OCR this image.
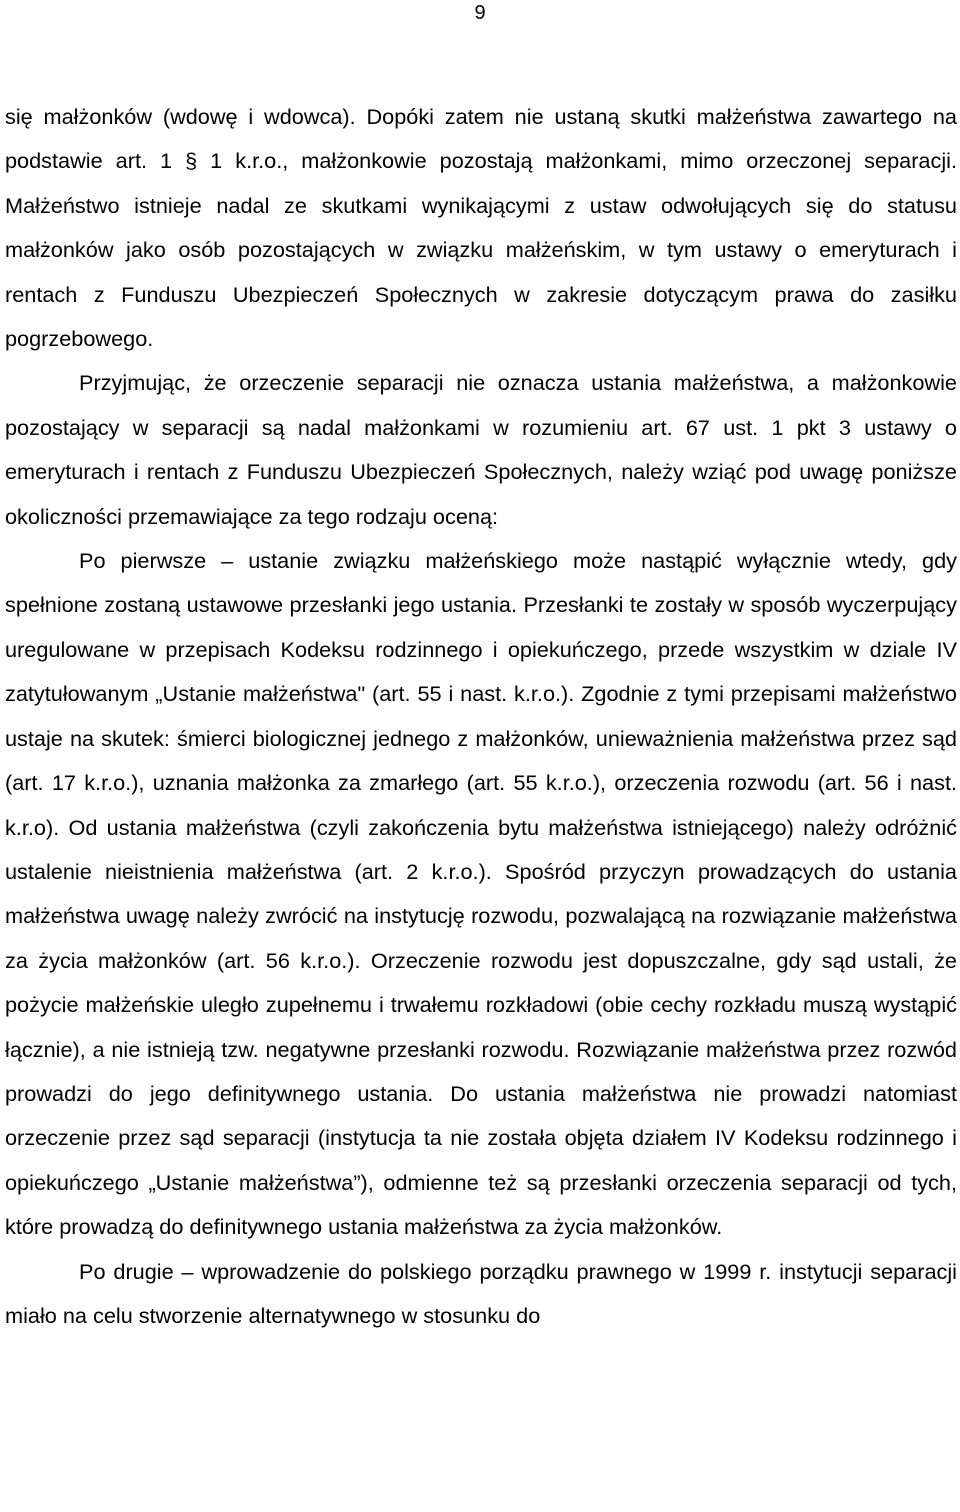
9

się małżonków (wdowę i wdowca). Dopóki zatem nie ustaną skutki małżeństwa zawartego na podstawie art. 1 § 1 k.r.o., małżonkowie pozostają małżonkami, mimo orzeczonej separacji. Małżeństwo istnieje nadal ze skutkami wynikającymi z ustaw odwołujących się do statusu małżonków jako osób pozostających w związku małżeńskim, w tym ustawy o emeryturach i rentach z Funduszu Ubezpieczeń Społecznych w zakresie dotyczącym prawa do zasiłku pogrzebowego.

Przyjmując, że orzeczenie separacji nie oznacza ustania małżeństwa, a małżonkowie pozostający w separacji są nadal małżonkami w rozumieniu art. 67 ust. 1 pkt 3 ustawy o emeryturach i rentach z Funduszu Ubezpieczeń Społecznych, należy wziąć pod uwagę poniższe okoliczności przemawiające za tego rodzaju oceną:

Po pierwsze – ustanie związku małżeńskiego może nastąpić wyłącznie wtedy, gdy spełnione zostaną ustawowe przesłanki jego ustania. Przesłanki te zostały w sposób wyczerpujący uregulowane w przepisach Kodeksu rodzinnego i opiekuńczego, przede wszystkim w dziale IV zatytułowanym „Ustanie małżeństwa" (art. 55 i nast. k.r.o.). Zgodnie z tymi przepisami małżeństwo ustaje na skutek: śmierci biologicznej jednego z małżonków, unieważnienia małżeństwa przez sąd (art. 17 k.r.o.), uznania małżonka za zmarłego (art. 55 k.r.o.), orzeczenia rozwodu (art. 56 i nast. k.r.o). Od ustania małżeństwa (czyli zakończenia bytu małżeństwa istniejącego) należy odróżnić ustalenie nieistnienia małżeństwa (art. 2 k.r.o.). Spośród przyczyn prowadzących do ustania małżeństwa uwagę należy zwrócić na instytucję rozwodu, pozwalającą na rozwiązanie małżeństwa za życia małżonków (art. 56 k.r.o.). Orzeczenie rozwodu jest dopuszczalne, gdy sąd ustali, że pożycie małżeńskie uległo zupełnemu i trwałemu rozkładowi (obie cechy rozkładu muszą wystąpić łącznie), a nie istnieją tzw. negatywne przesłanki rozwodu. Rozwiązanie małżeństwa przez rozwód prowadzi do jego definitywnego ustania. Do ustania małżeństwa nie prowadzi natomiast orzeczenie przez sąd separacji (instytucja ta nie została objęta działem IV Kodeksu rodzinnego i opiekuńczego „Ustanie małżeństwa”), odmienne też są przesłanki orzeczenia separacji od tych, które prowadzą do definitywnego ustania małżeństwa za życia małżonków.

Po drugie – wprowadzenie do polskiego porządku prawnego w 1999 r. instytucji separacji miało na celu stworzenie alternatywnego w stosunku do
